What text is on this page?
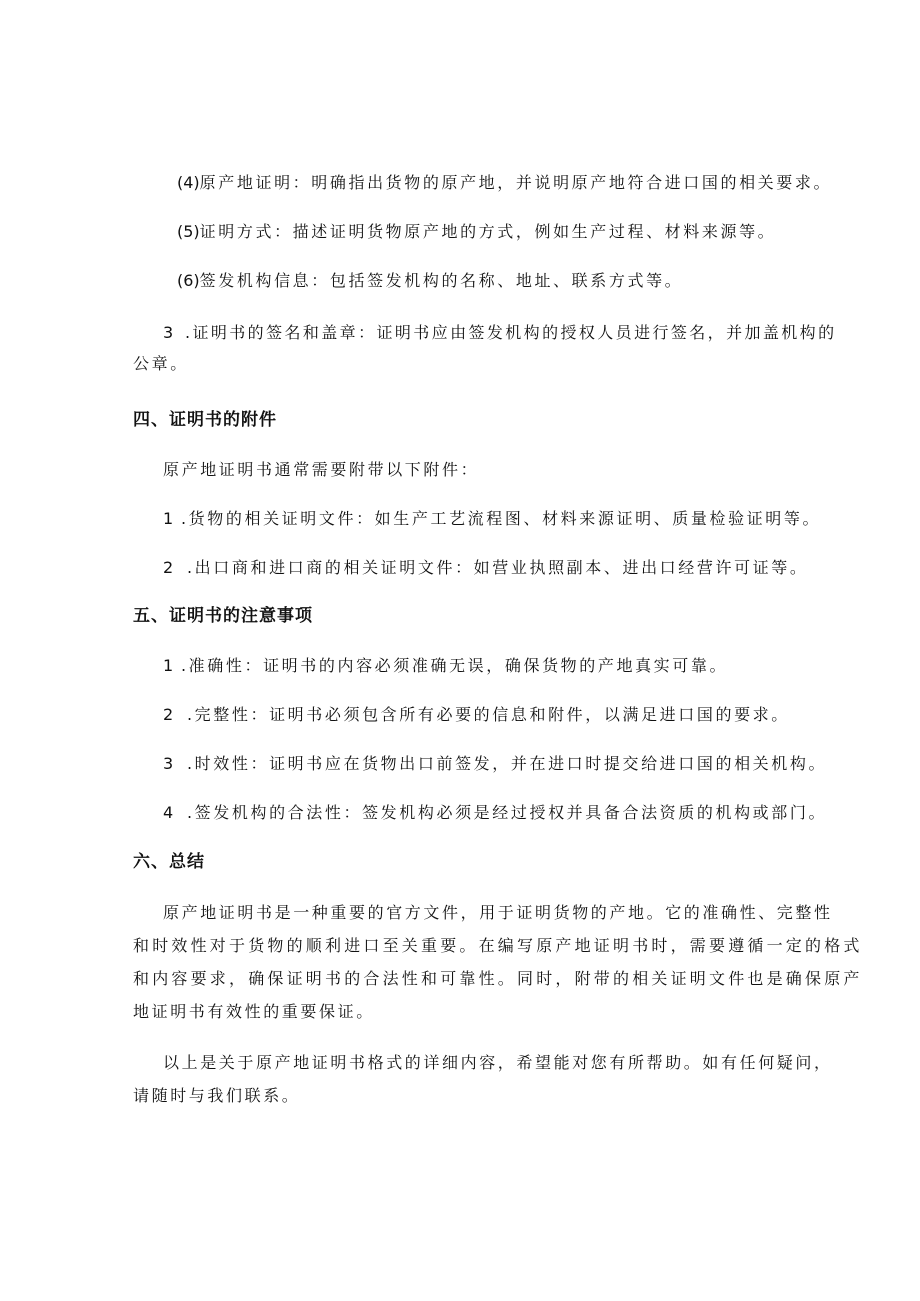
(4)原产地证明：明确指出货物的原产地，并说明原产地符合进口国的相关要求。
(5)证明方式：描述证明货物原产地的方式，例如生产过程、材料来源等。
(6)签发机构信息：包括签发机构的名称、地址、联系方式等。
3 .证明书的签名和盖章：证明书应由签发机构的授权人员进行签名，并加盖机构的
公章。
四、证明书的附件
原产地证明书通常需要附带以下附件：
1 .货物的相关证明文件：如生产工艺流程图、材料来源证明、质量检验证明等。
2 .出口商和进口商的相关证明文件：如营业执照副本、进出口经营许可证等。
五、证明书的注意事项
1 .准确性：证明书的内容必须准确无误，确保货物的产地真实可靠。
2 .完整性：证明书必须包含所有必要的信息和附件，以满足进口国的要求。
3 .时效性：证明书应在货物出口前签发，并在进口时提交给进口国的相关机构。
4 .签发机构的合法性：签发机构必须是经过授权并具备合法资质的机构或部门。
六、总结
原产地证明书是一种重要的官方文件，用于证明货物的产地。它的准确性、完整性
和时效性对于货物的顺利进口至关重要。在编写原产地证明书时，需要遵循一定的格式
和内容要求，确保证明书的合法性和可靠性。同时，附带的相关证明文件也是确保原产
地证明书有效性的重要保证。
以上是关于原产地证明书格式的详细内容，希望能对您有所帮助。如有任何疑问，
请随时与我们联系。
